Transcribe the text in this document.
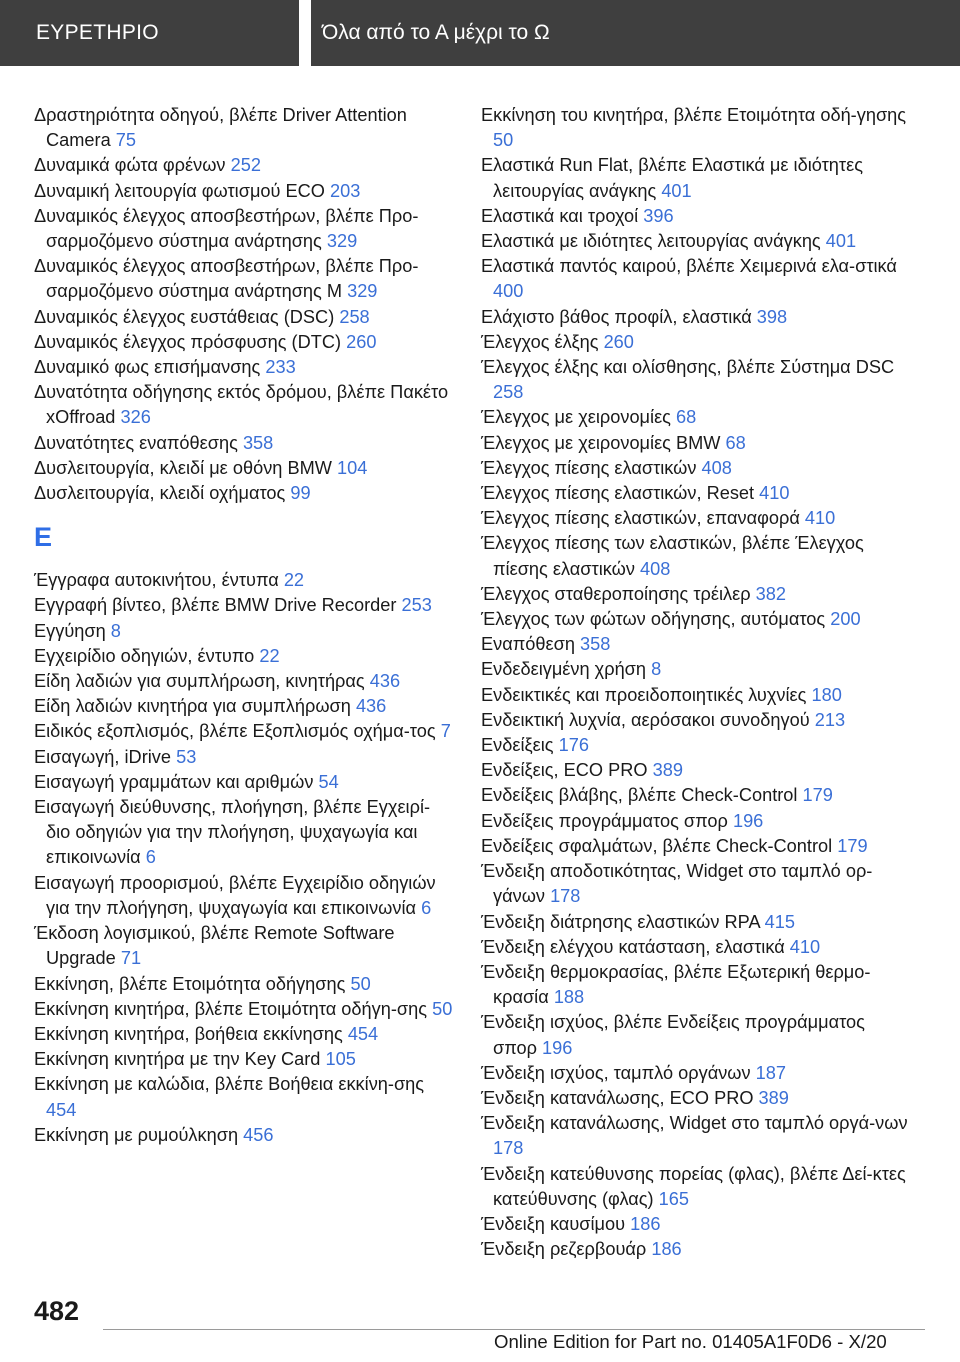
ΕΥΡΕΤΗΡΙΟ	Όλα από το Α μέχρι το Ω
Δραστηριότητα οδηγού, βλέπε Driver Attention Camera 75
Δυναμικά φώτα φρένων 252
Δυναμική λειτουργία φωτισμού ECO 203
Δυναμικός έλεγχος αποσβεστήρων, βλέπε Προ-σαρμοζόμενο σύστημα ανάρτησης 329
Δυναμικός έλεγχος αποσβεστήρων, βλέπε Προ-σαρμοζόμενο σύστημα ανάρτησης M 329
Δυναμικός έλεγχος ευστάθειας (DSC) 258
Δυναμικός έλεγχος πρόσφυσης (DTC) 260
Δυναμικό φως επισήμανσης 233
Δυνατότητα οδήγησης εκτός δρόμου, βλέπε Πακέτο xOffroad 326
Δυνατότητες εναπόθεσης 358
Δυσλειτουργία, κλειδί με οθόνη BMW 104
Δυσλειτουργία, κλειδί οχήματος 99
Ε
Έγγραφα αυτοκινήτου, έντυπα 22
Εγγραφή βίντεο, βλέπε BMW Drive Recorder 253
Εγγύηση 8
Εγχειρίδιο οδηγιών, έντυπο 22
Είδη λαδιών για συμπλήρωση, κινητήρας 436
Είδη λαδιών κινητήρα για συμπλήρωση 436
Ειδικός εξοπλισμός, βλέπε Εξοπλισμός οχήμα-τος 7
Εισαγωγή, iDrive 53
Εισαγωγή γραμμάτων και αριθμών 54
Εισαγωγή διεύθυνσης, πλοήγηση, βλέπε Εγχειρί-διο οδηγιών για την πλοήγηση, ψυχαγωγία και επικοινωνία 6
Εισαγωγή προορισμού, βλέπε Εγχειρίδιο οδηγιών για την πλοήγηση, ψυχαγωγία και επικοινωνία 6
Έκδοση λογισμικού, βλέπε Remote Software Upgrade 71
Εκκίνηση, βλέπε Ετοιμότητα οδήγησης 50
Εκκίνηση κινητήρα, βλέπε Ετοιμότητα οδήγη-σης 50
Εκκίνηση κινητήρα, βοήθεια εκκίνησης 454
Εκκίνηση κινητήρα με την Key Card 105
Εκκίνηση με καλώδια, βλέπε Βοήθεια εκκίνη-σης 454
Εκκίνηση με ρυμούλκηση 456
Εκκίνηση του κινητήρα, βλέπε Ετοιμότητα οδή-γησης 50
Ελαστικά Run Flat, βλέπε Ελαστικά με ιδιότητες λειτουργίας ανάγκης 401
Ελαστικά και τροχοί 396
Ελαστικά με ιδιότητες λειτουργίας ανάγκης 401
Ελαστικά παντός καιρού, βλέπε Χειμερινά ελα-στικά 400
Ελάχιστο βάθος προφίλ, ελαστικά 398
Έλεγχος έλξης 260
Έλεγχος έλξης και ολίσθησης, βλέπε Σύστημα DSC 258
Έλεγχος με χειρονομίες 68
Έλεγχος με χειρονομίες BMW 68
Έλεγχος πίεσης ελαστικών 408
Έλεγχος πίεσης ελαστικών, Reset 410
Έλεγχος πίεσης ελαστικών, επαναφορά 410
Έλεγχος πίεσης των ελαστικών, βλέπε Έλεγχος πίεσης ελαστικών 408
Έλεγχος σταθεροποίησης τρέιλερ 382
Έλεγχος των φώτων οδήγησης, αυτόματος 200
Εναπόθεση 358
Ενδεδειγμένη χρήση 8
Ενδεικτικές και προειδοποιητικές λυχνίες 180
Ενδεικτική λυχνία, αερόσακοι συνοδηγού 213
Ενδείξεις 176
Ενδείξεις, ECO PRO 389
Ενδείξεις βλάβης, βλέπε Check-Control 179
Ενδείξεις προγράμματος σπορ 196
Ενδείξεις σφαλμάτων, βλέπε Check-Control 179
Ένδειξη αποδοτικότητας, Widget στο ταμπλό ορ-γάνων 178
Ένδειξη διάτρησης ελαστικών RPA 415
Ένδειξη ελέγχου κατάσταση, ελαστικά 410
Ένδειξη θερμοκρασίας, βλέπε Εξωτερική θερμο-κρασία 188
Ένδειξη ισχύος, βλέπε Ενδείξεις προγράμματος σπορ 196
Ένδειξη ισχύος, ταμπλό οργάνων 187
Ένδειξη κατανάλωσης, ECO PRO 389
Ένδειξη κατανάλωσης, Widget στο ταμπλό οργά-νων 178
Ένδειξη κατεύθυνσης πορείας (φλας), βλέπε Δεί-κτες κατεύθυνσης (φλας) 165
Ένδειξη καυσίμου 186
Ένδειξη ρεζερβουάρ 186
482
Online Edition for Part no. 01405A1F0D6 - X/20
